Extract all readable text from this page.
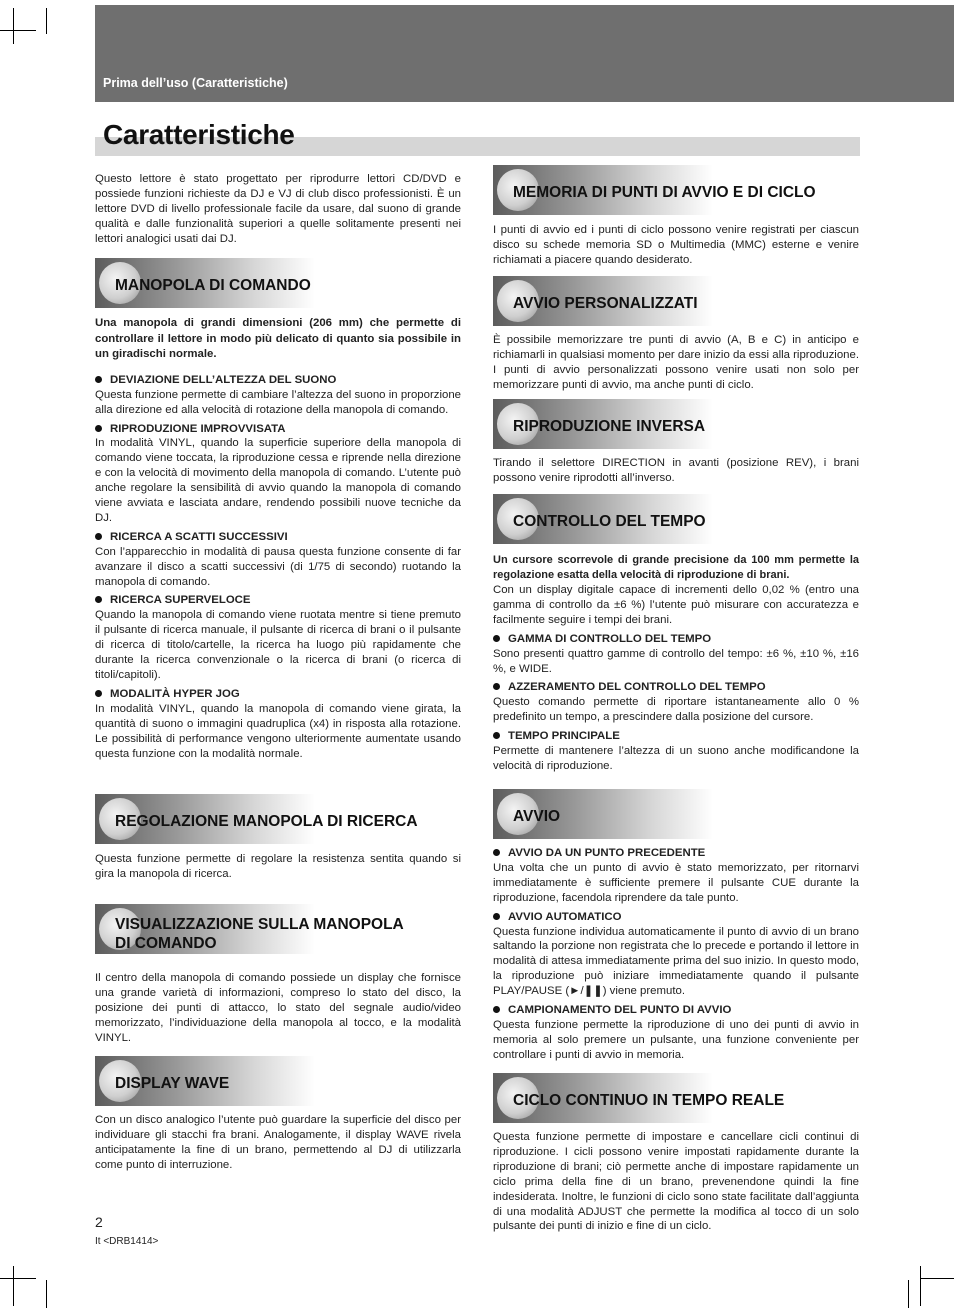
Prima dell’uso (Caratteristiche)
Caratteristiche

Questo lettore è stato progettato per riprodurre lettori CD/DVD e possiede funzioni richieste da DJ e VJ di club disco professionisti. È un lettore DVD di livello professionale facile da usare, dal suono di grande qualità e dalle funzionalità superiori a quelle solitamente presenti nei lettori analogici usati dai DJ.

MANOPOLA DI COMANDO

Una manopola di grandi dimensioni (206 mm) che permette di controllare il lettore in modo più delicato di quanto sia possibile in un giradischi normale.

DEVIAZIONE DELL’ALTEZZA DEL SUONO

Questa funzione permette di cambiare l’altezza del suono in proporzione alla direzione ed alla velocità di rotazione della manopola di comando.

RIPRODUZIONE IMPROVVISATA

In modalità VINYL, quando la superficie superiore della manopola di comando viene toccata, la riproduzione cessa e riprende nella direzione e con la velocità di movimento della manopola di comando. L’utente può anche regolare la sensibilità di avvio quando la manopola di comando viene avviata e lasciata andare, rendendo possibili nuove tecniche da DJ.

RICERCA A SCATTI SUCCESSIVI

Con l’apparecchio in modalità di pausa questa funzione consente di far avanzare il disco a scatti successivi (di 1/75 di secondo) ruotando la manopola di comando.

RICERCA SUPERVELOCE

Quando la manopola di comando viene ruotata mentre si tiene premuto il pulsante di ricerca manuale, il pulsante di ricerca di brani o il pulsante di ricerca di titolo/cartelle, la ricerca ha luogo più rapidamente che durante la ricerca convenzionale o la ricerca di brani (o ricerca di titoli/capitoli).

MODALITÀ HYPER JOG

In modalità VINYL, quando la manopola di comando viene girata, la quantità di suono o immagini quadruplica (x4) in risposta alla rotazione. Le possibilità di performance vengono ulteriormente aumentate usando questa funzione con la modalità normale.

REGOLAZIONE MANOPOLA DI RICERCA

Questa funzione permette di regolare la resistenza sentita quando si gira la manopola di ricerca.

VISUALIZZAZIONE SULLA MANOPOLA
DI COMANDO

Il centro della manopola di comando possiede un display che fornisce una grande varietà di informazioni, compreso lo stato del disco, la posizione dei punti di attacco, lo stato del segnale audio/video memorizzato, l’individuazione della manopola al tocco, e la modalità VINYL.

DISPLAY WAVE

Con un disco analogico l’utente può guardare la superficie del disco per individuare gli stacchi fra brani. Analogamente, il display WAVE rivela anticipatamente la fine di un brano, permettendo al DJ di utilizzarla come punto di interruzione.

MEMORIA DI PUNTI DI AVVIO E DI CICLO

I punti di avvio ed i punti di ciclo possono venire registrati per ciascun disco su schede memoria SD o Multimedia (MMC) esterne e venire richiamati a piacere quando desiderato.

AVVIO PERSONALIZZATI

È possibile memorizzare tre punti di avvio (A, B e C) in anticipo e richiamarli in qualsiasi momento per dare inizio da essi alla riproduzione. I punti di avvio personalizzati possono venire usati non solo per memorizzare punti di avvio, ma anche punti di ciclo.

RIPRODUZIONE INVERSA

Tirando il selettore DIRECTION in avanti (posizione REV), i brani possono venire riprodotti all’inverso.

CONTROLLO DEL TEMPO

Un cursore scorrevole di grande precisione da 100 mm permette la regolazione esatta della velocità di riproduzione di brani.

Con un display digitale capace di incrementi dello 0,02 % (entro una gamma di controllo da ±6 %) l’utente può misurare con accuratezza e facilmente seguire i tempi dei brani.

GAMMA DI CONTROLLO DEL TEMPO

Sono presenti quattro gamme di controllo del tempo: ±6 %, ±10 %, ±16 %, e WIDE.

AZZERAMENTO DEL CONTROLLO DEL TEMPO

Questo comando permette di riportare istantaneamente allo 0 % predefinito un tempo, a prescindere dalla posizione del cursore.

TEMPO PRINCIPALE

Permette di mantenere l’altezza di un suono anche modificandone la velocità di riproduzione.

AVVIO

AVVIO DA UN PUNTO PRECEDENTE

Una volta che un punto di avvio è stato memorizzato, per ritornarvi immediatamente è sufficiente premere il pulsante CUE durante la riproduzione, facendola riprendere da tale punto.

AVVIO AUTOMATICO

Questa funzione individua automaticamente il punto di avvio di un brano saltando la porzione non registrata che lo precede e portando il lettore in modalità di attesa immediatamente prima del suo inizio. In questo modo, la riproduzione può iniziare immediatamente quando il pulsante PLAY/PAUSE (►/❚❚) viene premuto.

CAMPIONAMENTO DEL PUNTO DI AVVIO

Questa funzione permette la riproduzione di uno dei punti di avvio in memoria al solo premere un pulsante, una funzione conveniente per controllare i punti di avvio in memoria.

CICLO CONTINUO IN TEMPO REALE

Questa funzione permette di impostare e cancellare cicli continui di riproduzione. I cicli possono venire impostati rapidamente durante la riproduzione di brani; ciò permette anche di impostare rapidamente un ciclo prima della fine di un brano, prevenendone quindi la fine indesiderata. Inoltre, le funzioni di ciclo sono state facilitate dall’aggiunta di una modalità ADJUST che permette la modifica al tocco di un solo pulsante dei punti di inizio e fine di un ciclo.

2
It <DRB1414>
